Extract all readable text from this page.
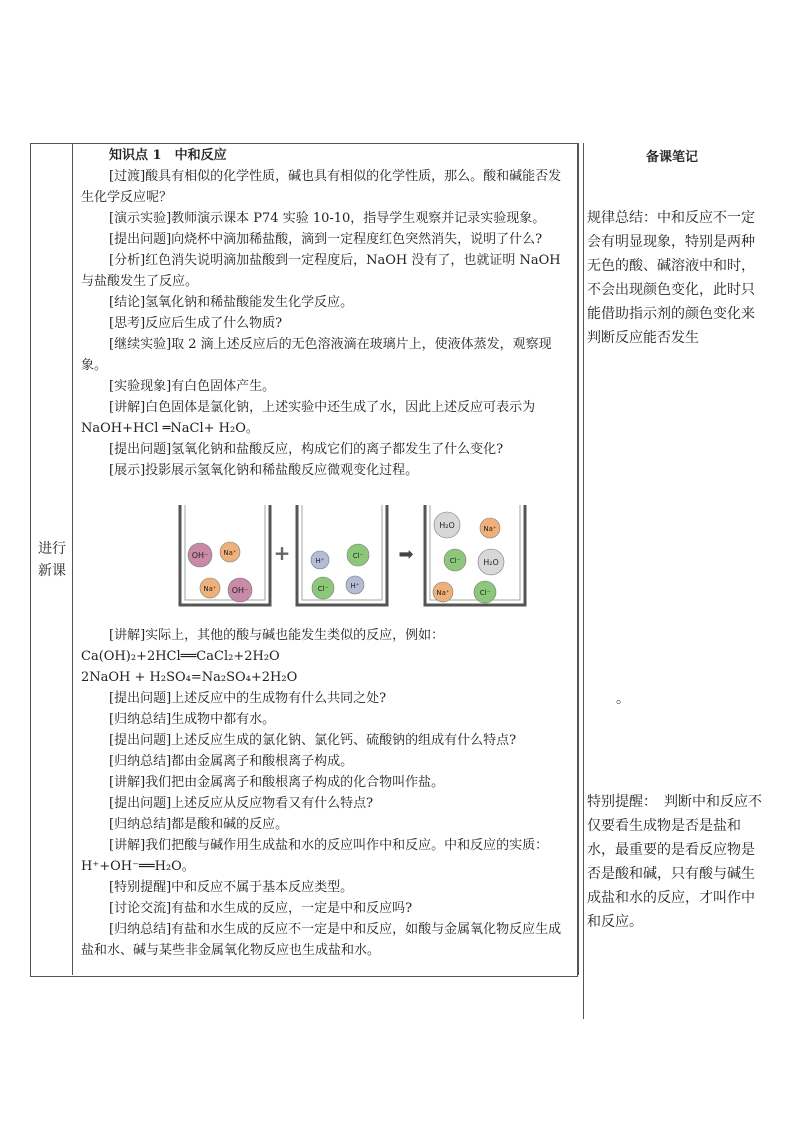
进行
新课

知识点 1　中和反应

[过渡]酸具有相似的化学性质，碱也具有相似的化学性质，那么。酸和碱能否发生化学反应呢？

[演示实验]教师演示课本 P74 实验 10-10，指导学生观察并记录实验现象。

[提出问题]向烧杯中滴加稀盐酸，滴到一定程度红色突然消失，说明了什么?

[分析]红色消失说明滴加盐酸到一定程度后，NaOH 没有了，也就证明 NaOH 与盐酸发生了反应。

[结论]氢氧化钠和稀盐酸能发生化学反应。

[思考]反应后生成了什么物质?

[继续实验]取 2 滴上述反应后的无色溶液滴在玻璃片上，使液体蒸发，观察现象。

[实验现象]有白色固体产生。

[讲解]白色固体是氯化钠，上述实验中还生成了水，因此上述反应可表示为 NaOH+HCl ═NaCl+ H₂O。

[提出问题]氢氧化钠和盐酸反应，构成它们的离子都发生了什么变化?

[展示]投影展示氢氧化钠和稀盐酸反应微观变化过程。

OH⁻ Na⁺
Na⁺ OH⁻
H⁺
Cl⁻
Cl⁻	H⁺
H₂O	Na⁺
Cl⁻	H₂O
Na⁺	Cl⁻
+	➡

[讲解]实际上，其他的酸与碱也能发生类似的反应，例如：

Ca(OH)₂+2HCl══CaCl₂+2H₂O

2NaOH + H₂SO₄=Na₂SO₄+2H₂O

[提出问题]上述反应中的生成物有什么共同之处?

[归纳总结]生成物中都有水。

[提出问题]上述反应生成的氯化钠、氯化钙、硫酸钠的组成有什么特点?

[归纳总结]都由金属离子和酸根离子构成。

[讲解]我们把由金属离子和酸根离子构成的化合物叫作盐。

[提出问题]上述反应从反应物看又有什么特点?

[归纳总结]都是酸和碱的反应。

[讲解]我们把酸与碱作用生成盐和水的反应叫作中和反应。中和反应的实质：H⁺+OH⁻══H₂O。

[特别提醒]中和反应不属于基本反应类型。

[讨论交流]有盐和水生成的反应，一定是中和反应吗?

[归纳总结]有盐和水生成的反应不一定是中和反应，如酸与金属氧化物反应生成盐和水、碱与某些非金属氧化物反应也生成盐和水。

备课笔记

规律总结：中和反应不一定会有明显现象，特别是两种无色的酸、碱溶液中和时，不会出现颜色变化，此时只能借助指示剂的颜色变化来判断反应能否发生

。

特别提醒：　判断中和反应不仅要看生成物是否是盐和水，最重要的是看反应物是否是酸和碱，只有酸与碱生成盐和水的反应，才叫作中和反应。
